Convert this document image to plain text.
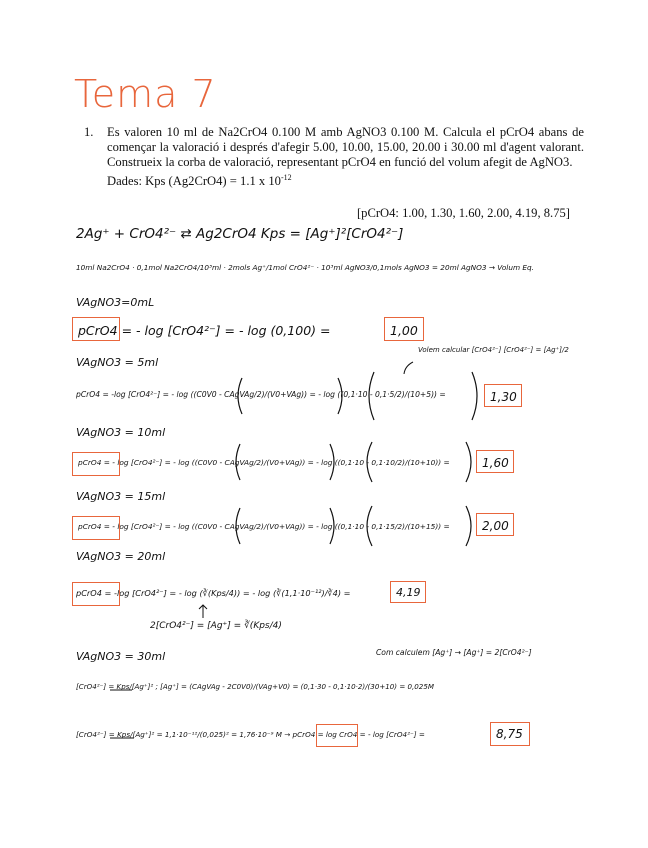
Tema 7
1. Es valoren 10 ml de Na2CrO4 0.100 M amb AgNO3 0.100 M. Calcula el pCrO4 abans de començar la valoració i després d'afegir 5.00, 10.00, 15.00, 20.00 i 30.00 ml d'agent valorant. Construeix la corba de valoració, representant pCrO4 en funció del volum afegit de AgNO3.
Dades: Kps (Ag2CrO4) = 1.1 x $10^{-12}$
[pCrO4: 1.00, 1.30, 1.60, 2.00, 4.19, 8.75]
2Ag⁺ + CrO4²⁻ ⇄ Ag2CrO4 Kps = [Ag⁺]²[CrO4²⁻]
10ml Na2CrO4 · 0,1mol Na2CrO4/10³ml · 2mols Ag⁺/1mol CrO4²⁻ · 10³ml AgNO3/0,1mols AgNO3 = 20ml AgNO3 → Volum Eq.
VAgNO3=0mL
pCrO4 = - log [CrO4²⁻] = - log (0,100) =	1,00
VAgNO3 = 5ml
Volem calcular [CrO4²⁻] [CrO4²⁻] = [Ag⁺]/2
pCrO4 = -log [CrO4²⁻] = - log ((C0V0 - CAgVAg/2)/(V0+VAg)) = - log ((0,1·10 - 0,1·5/2)/(10+5)) =	1,30
VAgNO3 = 10ml
pCrO4 = - log [CrO4²⁻] = - log ((C0V0 - CAgVAg/2)/(V0+VAg)) = - log ((0,1·10 - 0,1·10/2)/(10+10)) =	1,60
VAgNO3 = 15ml
pCrO4 = - log [CrO4²⁻] = - log ((C0V0 - CAgVAg/2)/(V0+VAg)) = - log ((0,1·10 - 0,1·15/2)/(10+15)) =	2,00
VAgNO3 = 20ml
pCrO4 = -log [CrO4²⁻] = - log (∛(Kps/4)) = - log (∛(1,1·10⁻¹²)/∛4) =	4,19
2[CrO4²⁻] = [Ag⁺] = ∛(Kps/4)
VAgNO3 = 30ml	Com calculem [Ag⁺] → [Ag⁺] = 2[CrO4²⁻]
[CrO4²⁻] = Kps/[Ag⁺]² ; [Ag⁺] = (CAgVAg - 2C0V0)/(VAg+V0) = (0,1·30 - 0,1·10·2)/(30+10) = 0,025M
[CrO4²⁻] = Kps/[Ag⁺]² = 1,1·10⁻¹²/(0,025)² = 1,76·10⁻⁹ M → pCrO4 = log CrO4 = - log [CrO4²⁻] =	8,75
